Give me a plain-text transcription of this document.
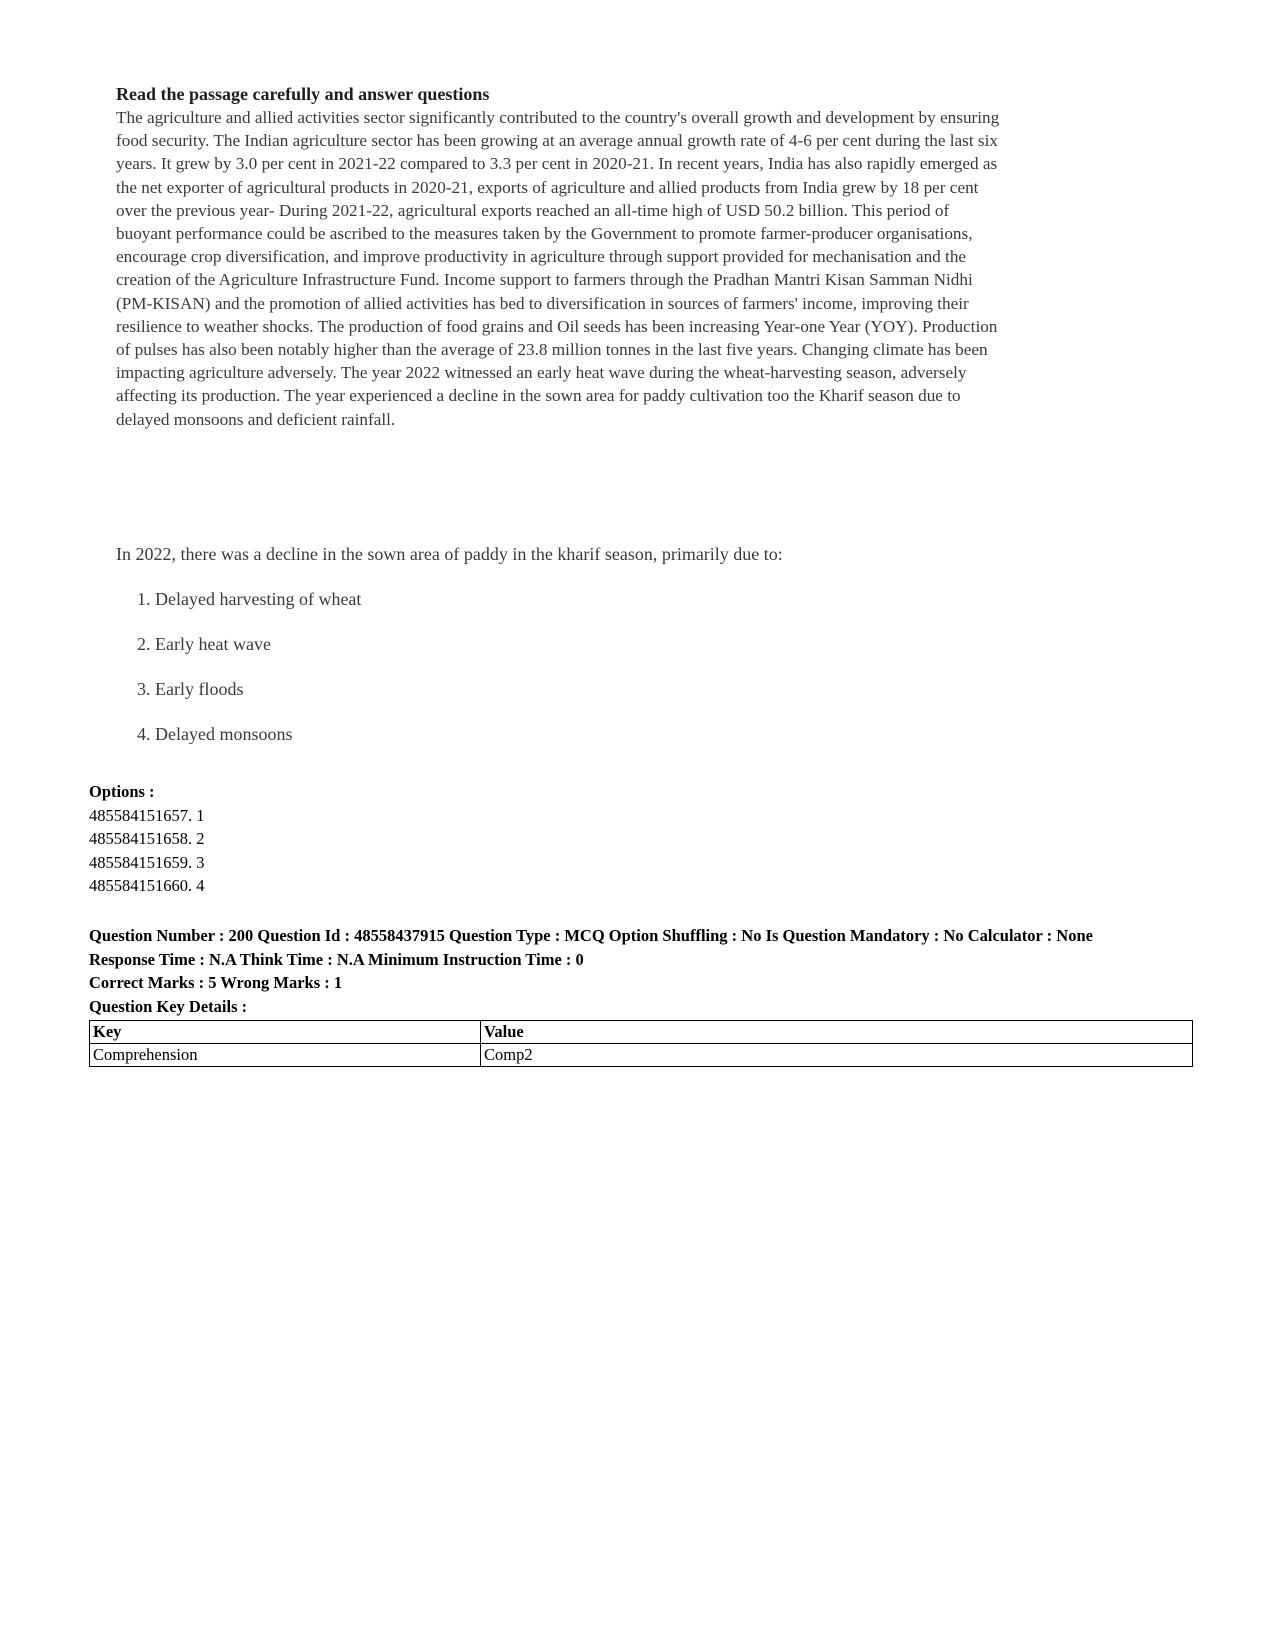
Read the passage carefully and answer questions

The agriculture and allied activities sector significantly contributed to the country's overall growth and development by ensuring food security. The Indian agriculture sector has been growing at an average annual growth rate of 4-6 per cent during the last six years. It grew by 3.0 per cent in 2021-22 compared to 3.3 per cent in 2020-21. In recent years, India has also rapidly emerged as the net exporter of agricultural products in 2020-21, exports of agriculture and allied products from India grew by 18 per cent over the previous year- During 2021-22, agricultural exports reached an all-time high of USD 50.2 billion. This period of buoyant performance could be ascribed to the measures taken by the Government to promote farmer-producer organisations, encourage crop diversification, and improve productivity in agriculture through support provided for mechanisation and the creation of the Agriculture Infrastructure Fund. Income support to farmers through the Pradhan Mantri Kisan Samman Nidhi (PM-KISAN) and the promotion of allied activities has bed to diversification in sources of farmers' income, improving their resilience to weather shocks. The production of food grains and Oil seeds has been increasing Year-one Year (YOY). Production of pulses has also been notably higher than the average of 23.8 million tonnes in the last five years. Changing climate has been impacting agriculture adversely. The year 2022 witnessed an early heat wave during the wheat-harvesting season, adversely affecting its production. The year experienced a decline in the sown area for paddy cultivation too the Kharif season due to delayed monsoons and deficient rainfall.

In 2022, there was a decline in the sown area of paddy in the kharif season, primarily due to:

1. Delayed harvesting of wheat
2. Early heat wave
3. Early floods
4. Delayed monsoons
Options :
485584151657. 1
485584151658. 2
485584151659. 3
485584151660. 4

Question Number : 200 Question Id : 48558437915 Question Type : MCQ Option Shuffling : No Is Question Mandatory : No Calculator : None

Response Time : N.A Think Time : N.A Minimum Instruction Time : 0

Correct Marks : 5 Wrong Marks : 1

Question Key Details :

Key	Value
Comprehension	Comp2
